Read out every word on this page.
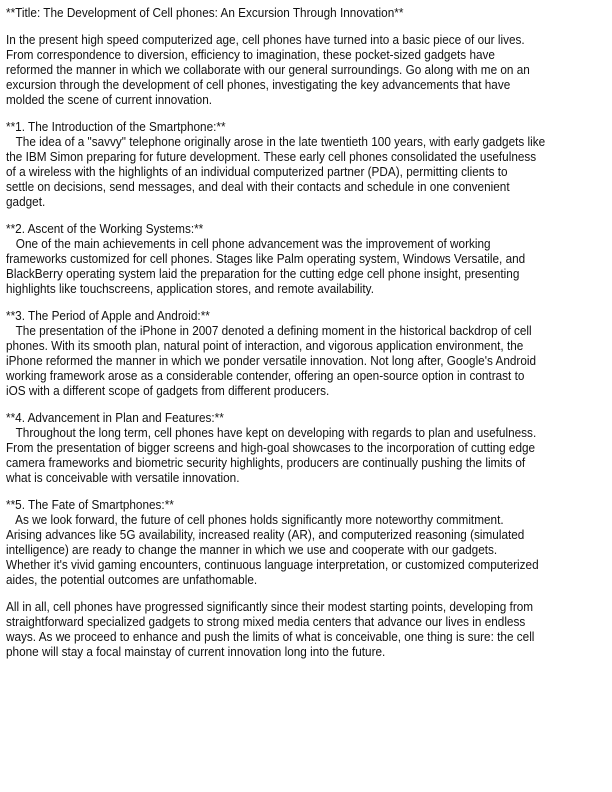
**Title: The Development of Cell phones: An Excursion Through Innovation**
In the present high speed computerized age, cell phones have turned into a basic piece of our lives.
From correspondence to diversion, efficiency to imagination, these pocket-sized gadgets have
reformed the manner in which we collaborate with our general surroundings. Go along with me on an
excursion through the development of cell phones, investigating the key advancements that have
molded the scene of current innovation.
**1. The Introduction of the Smartphone:**
The idea of a "savvy" telephone originally arose in the late twentieth 100 years, with early gadgets like
the IBM Simon preparing for future development. These early cell phones consolidated the usefulness
of a wireless with the highlights of an individual computerized partner (PDA), permitting clients to
settle on decisions, send messages, and deal with their contacts and schedule in one convenient
gadget.
**2. Ascent of the Working Systems:**
One of the main achievements in cell phone advancement was the improvement of working
frameworks customized for cell phones. Stages like Palm operating system, Windows Versatile, and
BlackBerry operating system laid the preparation for the cutting edge cell phone insight, presenting
highlights like touchscreens, application stores, and remote availability.
**3. The Period of Apple and Android:**
The presentation of the iPhone in 2007 denoted a defining moment in the historical backdrop of cell
phones. With its smooth plan, natural point of interaction, and vigorous application environment, the
iPhone reformed the manner in which we ponder versatile innovation. Not long after, Google's Android
working framework arose as a considerable contender, offering an open-source option in contrast to
iOS with a different scope of gadgets from different producers.
**4. Advancement in Plan and Features:**
Throughout the long term, cell phones have kept on developing with regards to plan and usefulness.
From the presentation of bigger screens and high-goal showcases to the incorporation of cutting edge
camera frameworks and biometric security highlights, producers are continually pushing the limits of
what is conceivable with versatile innovation.
**5. The Fate of Smartphones:**
As we look forward, the future of cell phones holds significantly more noteworthy commitment.
Arising advances like 5G availability, increased reality (AR), and computerized reasoning (simulated
intelligence) are ready to change the manner in which we use and cooperate with our gadgets.
Whether it's vivid gaming encounters, continuous language interpretation, or customized computerized
aides, the potential outcomes are unfathomable.
All in all, cell phones have progressed significantly since their modest starting points, developing from
straightforward specialized gadgets to strong mixed media centers that advance our lives in endless
ways. As we proceed to enhance and push the limits of what is conceivable, one thing is sure: the cell
phone will stay a focal mainstay of current innovation long into the future.
